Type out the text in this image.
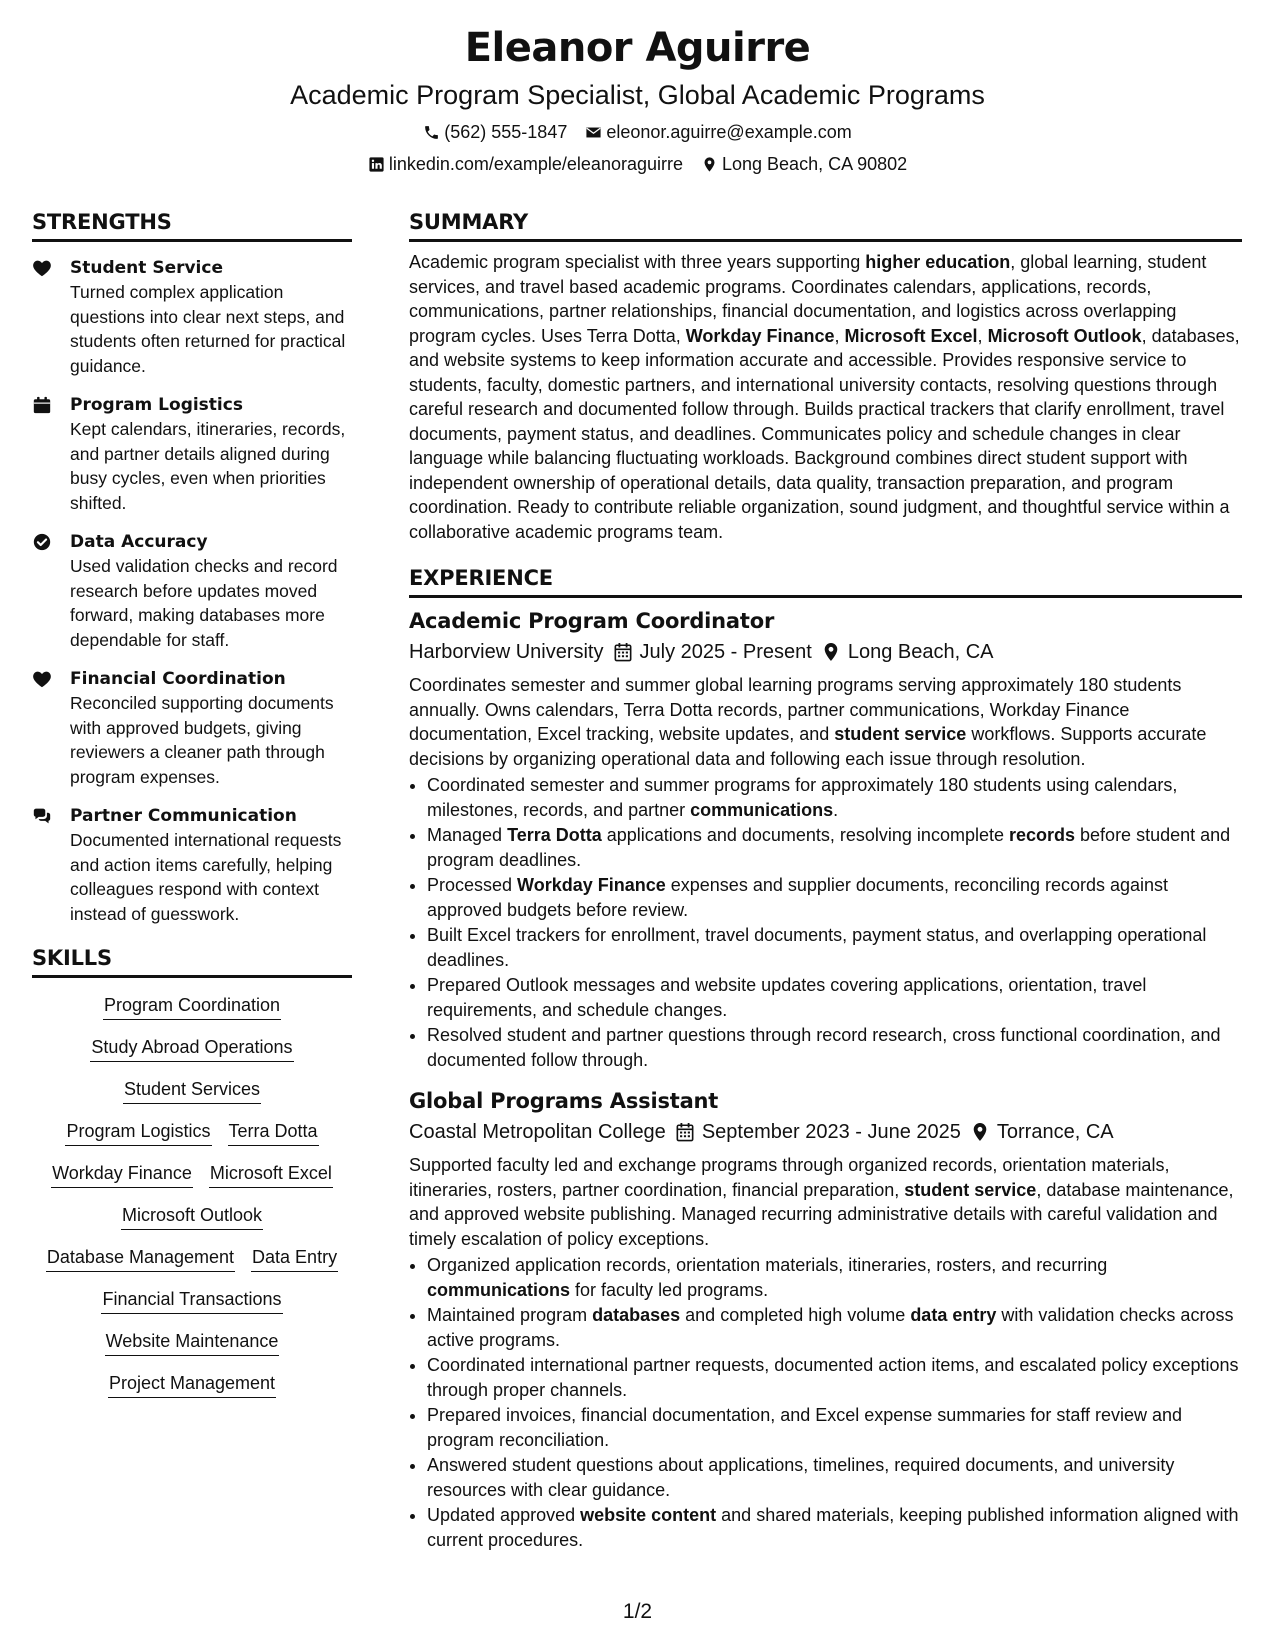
Eleanor Aguirre
Academic Program Specialist, Global Academic Programs
(562) 555-1847 eleonor.aguirre@example.com
linkedin.com/example/eleanoraguirre Long Beach, CA 90802
STRENGTHS
Student Service
Turned complex application questions into clear next steps, and students often returned for practical guidance.
Program Logistics
Kept calendars, itineraries, records, and partner details aligned during busy cycles, even when priorities shifted.
Data Accuracy
Used validation checks and record research before updates moved forward, making databases more dependable for staff.
Financial Coordination
Reconciled supporting documents with approved budgets, giving reviewers a cleaner path through program expenses.
Partner Communication
Documented international requests and action items carefully, helping colleagues respond with context instead of guesswork.
SKILLS
Program Coordination
Study Abroad Operations
Student Services
Program Logistics Terra Dotta
Workday Finance Microsoft Excel
Microsoft Outlook
Database Management Data Entry
Financial Transactions
Website Maintenance
Project Management
SUMMARY

Academic program specialist with three years supporting higher education, global learning, student services, and travel based academic programs. Coordinates calendars, applications, records, communications, partner relationships, financial documentation, and logistics across overlapping program cycles. Uses Terra Dotta, Workday Finance, Microsoft Excel, Microsoft Outlook, databases, and website systems to keep information accurate and accessible. Provides responsive service to students, faculty, domestic partners, and international university contacts, resolving questions through careful research and documented follow through. Builds practical trackers that clarify enrollment, travel documents, payment status, and deadlines. Communicates policy and schedule changes in clear language while balancing fluctuating workloads. Background combines direct student support with independent ownership of operational details, data quality, transaction preparation, and program coordination. Ready to contribute reliable organization, sound judgment, and thoughtful service within a collaborative academic programs team.

EXPERIENCE
Academic Program Coordinator
Harborview University July 2025 - Present Long Beach, CA
Coordinates semester and summer global learning programs serving approximately 180 students annually. Owns calendars, Terra Dotta records, partner communications, Workday Finance documentation, Excel tracking, website updates, and student service workflows. Supports accurate decisions by organizing operational data and following each issue through resolution.
• Coordinated semester and summer programs for approximately 180 students using calendars, milestones, records, and partner communications.
• Managed Terra Dotta applications and documents, resolving incomplete records before student and program deadlines.
• Processed Workday Finance expenses and supplier documents, reconciling records against approved budgets before review.
• Built Excel trackers for enrollment, travel documents, payment status, and overlapping operational deadlines.
• Prepared Outlook messages and website updates covering applications, orientation, travel requirements, and schedule changes.
• Resolved student and partner questions through record research, cross functional coordination, and documented follow through.
Global Programs Assistant
Coastal Metropolitan College September 2023 - June 2025 Torrance, CA
Supported faculty led and exchange programs through organized records, orientation materials, itineraries, rosters, partner coordination, financial preparation, student service, database maintenance, and approved website publishing. Managed recurring administrative details with careful validation and timely escalation of policy exceptions.
• Organized application records, orientation materials, itineraries, rosters, and recurring communications for faculty led programs.
• Maintained program databases and completed high volume data entry with validation checks across active programs.
• Coordinated international partner requests, documented action items, and escalated policy exceptions through proper channels.
• Prepared invoices, financial documentation, and Excel expense summaries for staff review and program reconciliation.
• Answered student questions about applications, timelines, required documents, and university resources with clear guidance.
• Updated approved website content and shared materials, keeping published information aligned with current procedures.
1/2
